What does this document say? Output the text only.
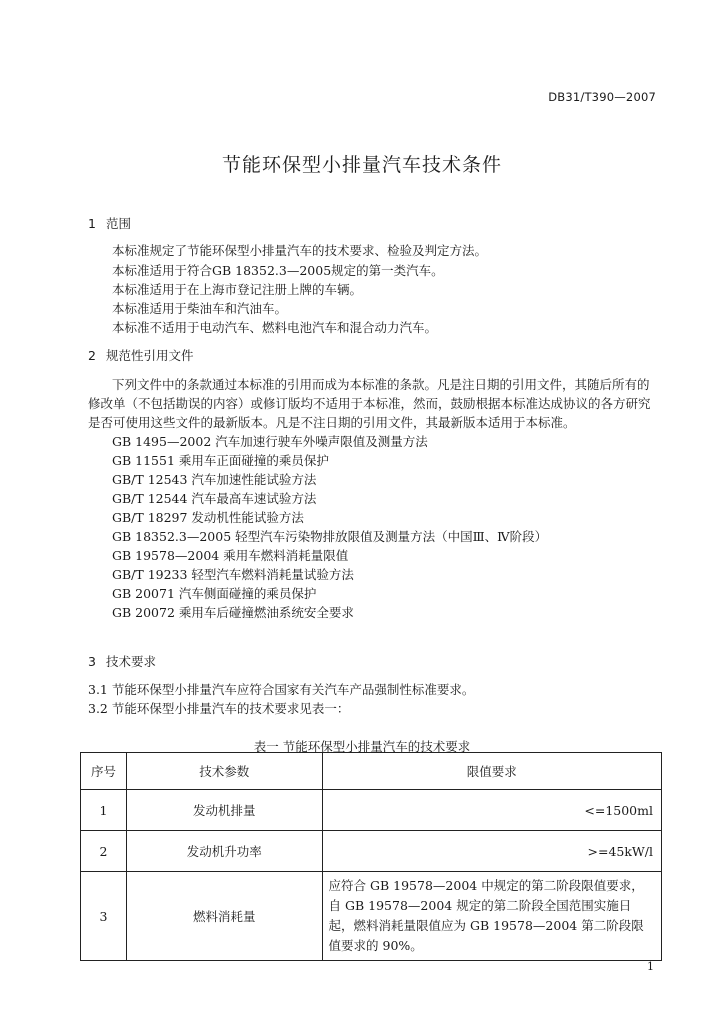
DB31/T390—2007
节能环保型小排量汽车技术条件
1 范围
本标准规定了节能环保型小排量汽车的技术要求、检验及判定方法。
本标准适用于符合GB 18352.3—2005规定的第一类汽车。
本标准适用于在上海市登记注册上牌的车辆。
本标准适用于柴油车和汽油车。
本标准不适用于电动汽车、燃料电池汽车和混合动力汽车。
2 规范性引用文件
下列文件中的条款通过本标准的引用而成为本标准的条款。凡是注日期的引用文件，其随后所有的
修改单（不包括勘误的内容）或修订版均不适用于本标准，然而，鼓励根据本标准达成协议的各方研究
是否可使用这些文件的最新版本。凡是不注日期的引用文件，其最新版本适用于本标准。
GB 1495—2002 汽车加速行驶车外噪声限值及测量方法
GB 11551 乘用车正面碰撞的乘员保护
GB/T 12543 汽车加速性能试验方法
GB/T 12544 汽车最高车速试验方法
GB/T 18297 发动机性能试验方法
GB 18352.3—2005 轻型汽车污染物排放限值及测量方法（中国Ⅲ、Ⅳ阶段）
GB 19578—2004 乘用车燃料消耗量限值
GB/T 19233 轻型汽车燃料消耗量试验方法
GB 20071 汽车侧面碰撞的乘员保护
GB 20072 乘用车后碰撞燃油系统安全要求
3 技术要求
3.1 节能环保型小排量汽车应符合国家有关汽车产品强制性标准要求。
3.2 节能环保型小排量汽车的技术要求见表一：
表一 节能环保型小排量汽车的技术要求
序号	技术参数	限值要求
1	发动机排量	<=1500ml
2	发动机升功率	>=45kW/l
3	燃料消耗量	应符合 GB 19578—2004 中规定的第二阶段限值要求，自 GB 19578—2004 规定的第二阶段全国范围实施日起，燃料消耗量限值应为 GB 19578—2004 第二阶段限值要求的 90%。
1
